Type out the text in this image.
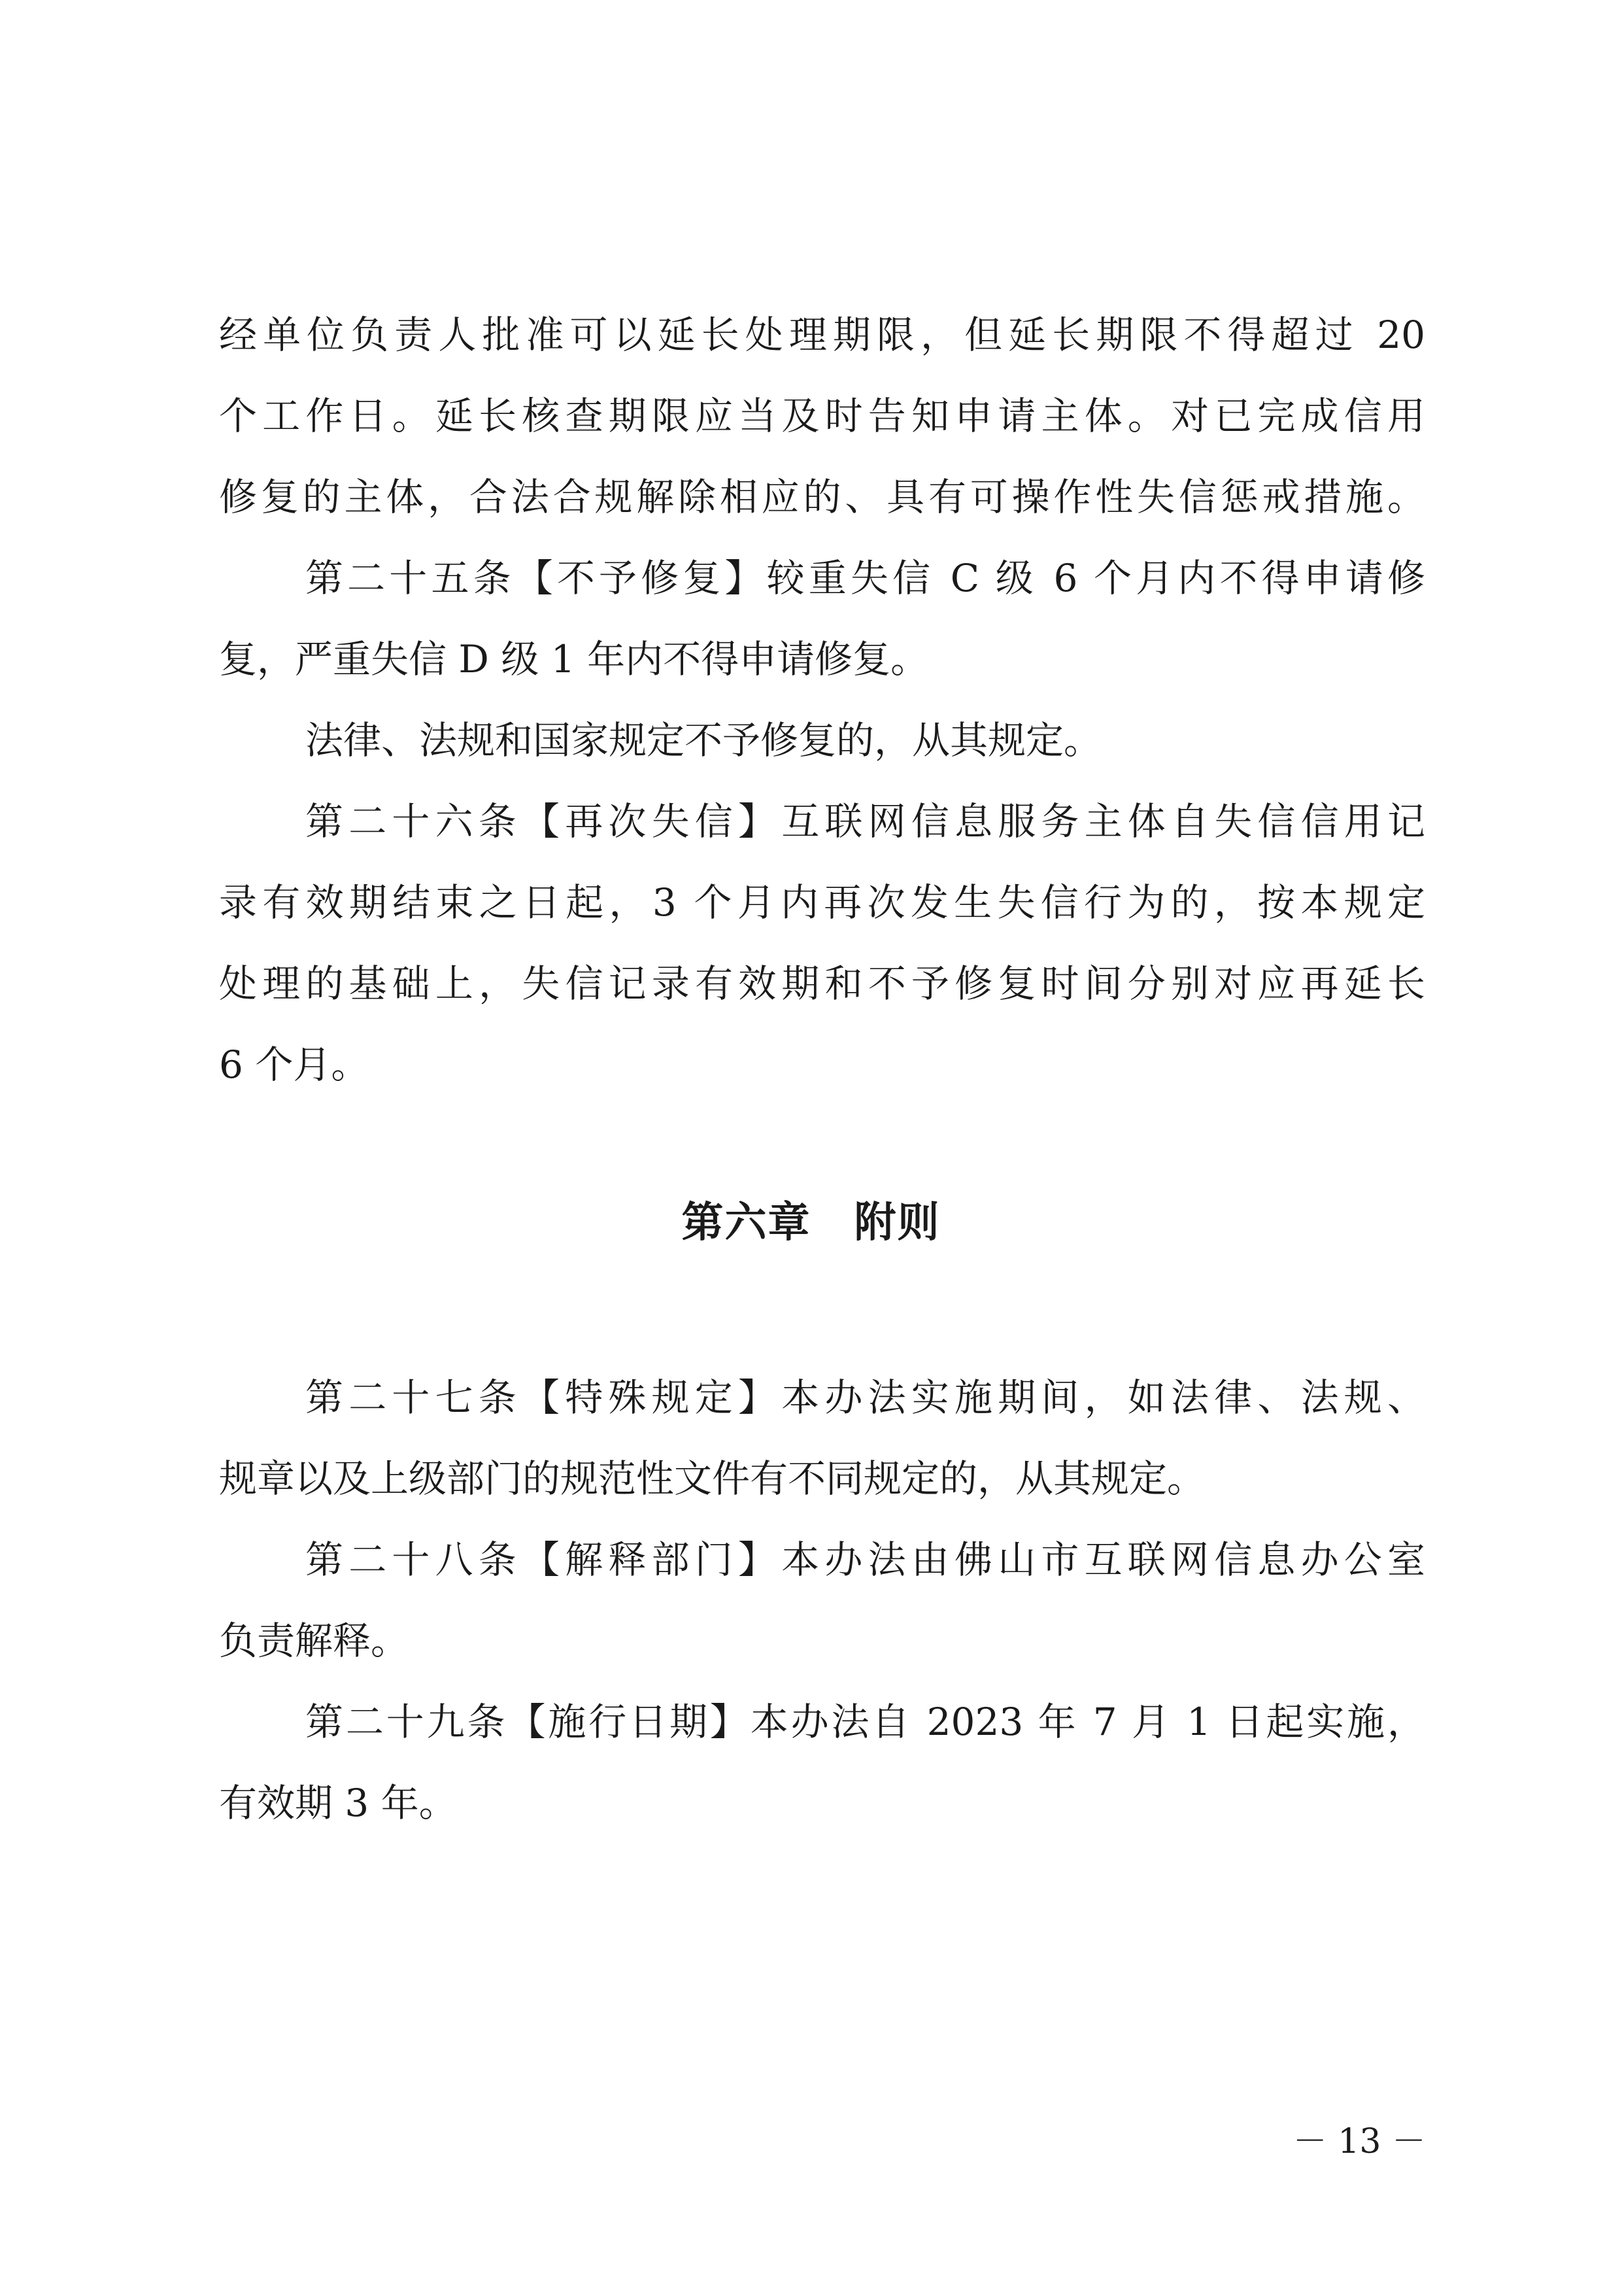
经单位负责人批准可以延长处理期限，但延长期限不得超过 20
个工作日。延长核查期限应当及时告知申请主体。对已完成信用
修复的主体，合法合规解除相应的、具有可操作性失信惩戒措施。
第二十五条【不予修复】较重失信 C 级 6 个月内不得申请修
复，严重失信 D 级 1 年内不得申请修复。
法律、法规和国家规定不予修复的，从其规定。
第二十六条【再次失信】互联网信息服务主体自失信信用记
录有效期结束之日起，3 个月内再次发生失信行为的，按本规定
处理的基础上，失信记录有效期和不予修复时间分别对应再延长
6 个月。
第六章　附则
第二十七条【特殊规定】本办法实施期间，如法律、法规、
规章以及上级部门的规范性文件有不同规定的，从其规定。
第二十八条【解释部门】本办法由佛山市互联网信息办公室
负责解释。
第二十九条【施行日期】本办法自 2023 年 7 月 1 日起实施，
有效期 3 年。
－ 13 －
